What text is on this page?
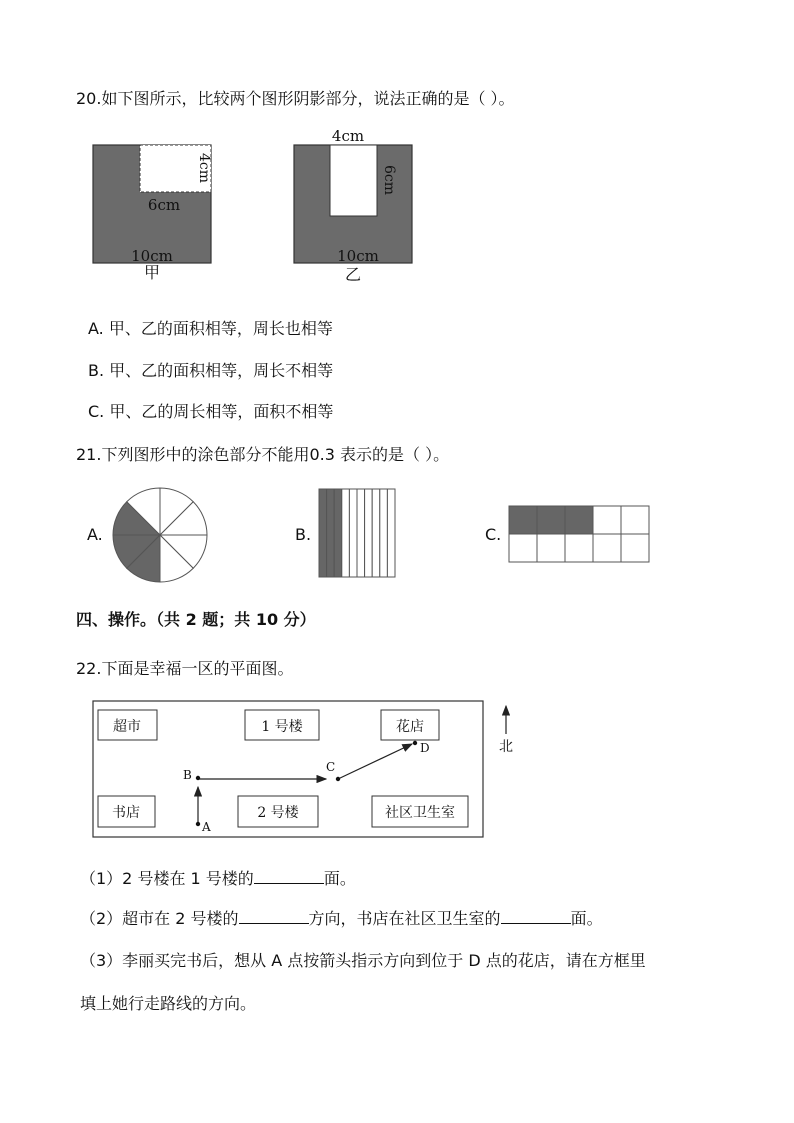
20.如下图所示，比较两个图形阴影部分，说法正确的是（ ）。
4cm
6cm
10cm
甲
4cm
6cm
10cm
乙
A. 甲、乙的面积相等，周长也相等
B. 甲、乙的面积相等，周长不相等
C. 甲、乙的周长相等，面积不相等
21.下列图形中的涂色部分不能用0.3 表示的是（ ）。
A.	B.	C.
四、操作。（共 2 题；共 10 分）
22.下面是幸福一区的平面图。
超市	1 号楼	花店
书店	2 号楼	社区卫生室
A
B
C
D	北
（1）2 号楼在 1 号楼的	面。
（2）超市在 2 号楼的	方向，书店在社区卫生室的	面。
（3）李丽买完书后，想从 A 点按箭头指示方向到位于 D 点的花店，请在方框里
填上她行走路线的方向。
